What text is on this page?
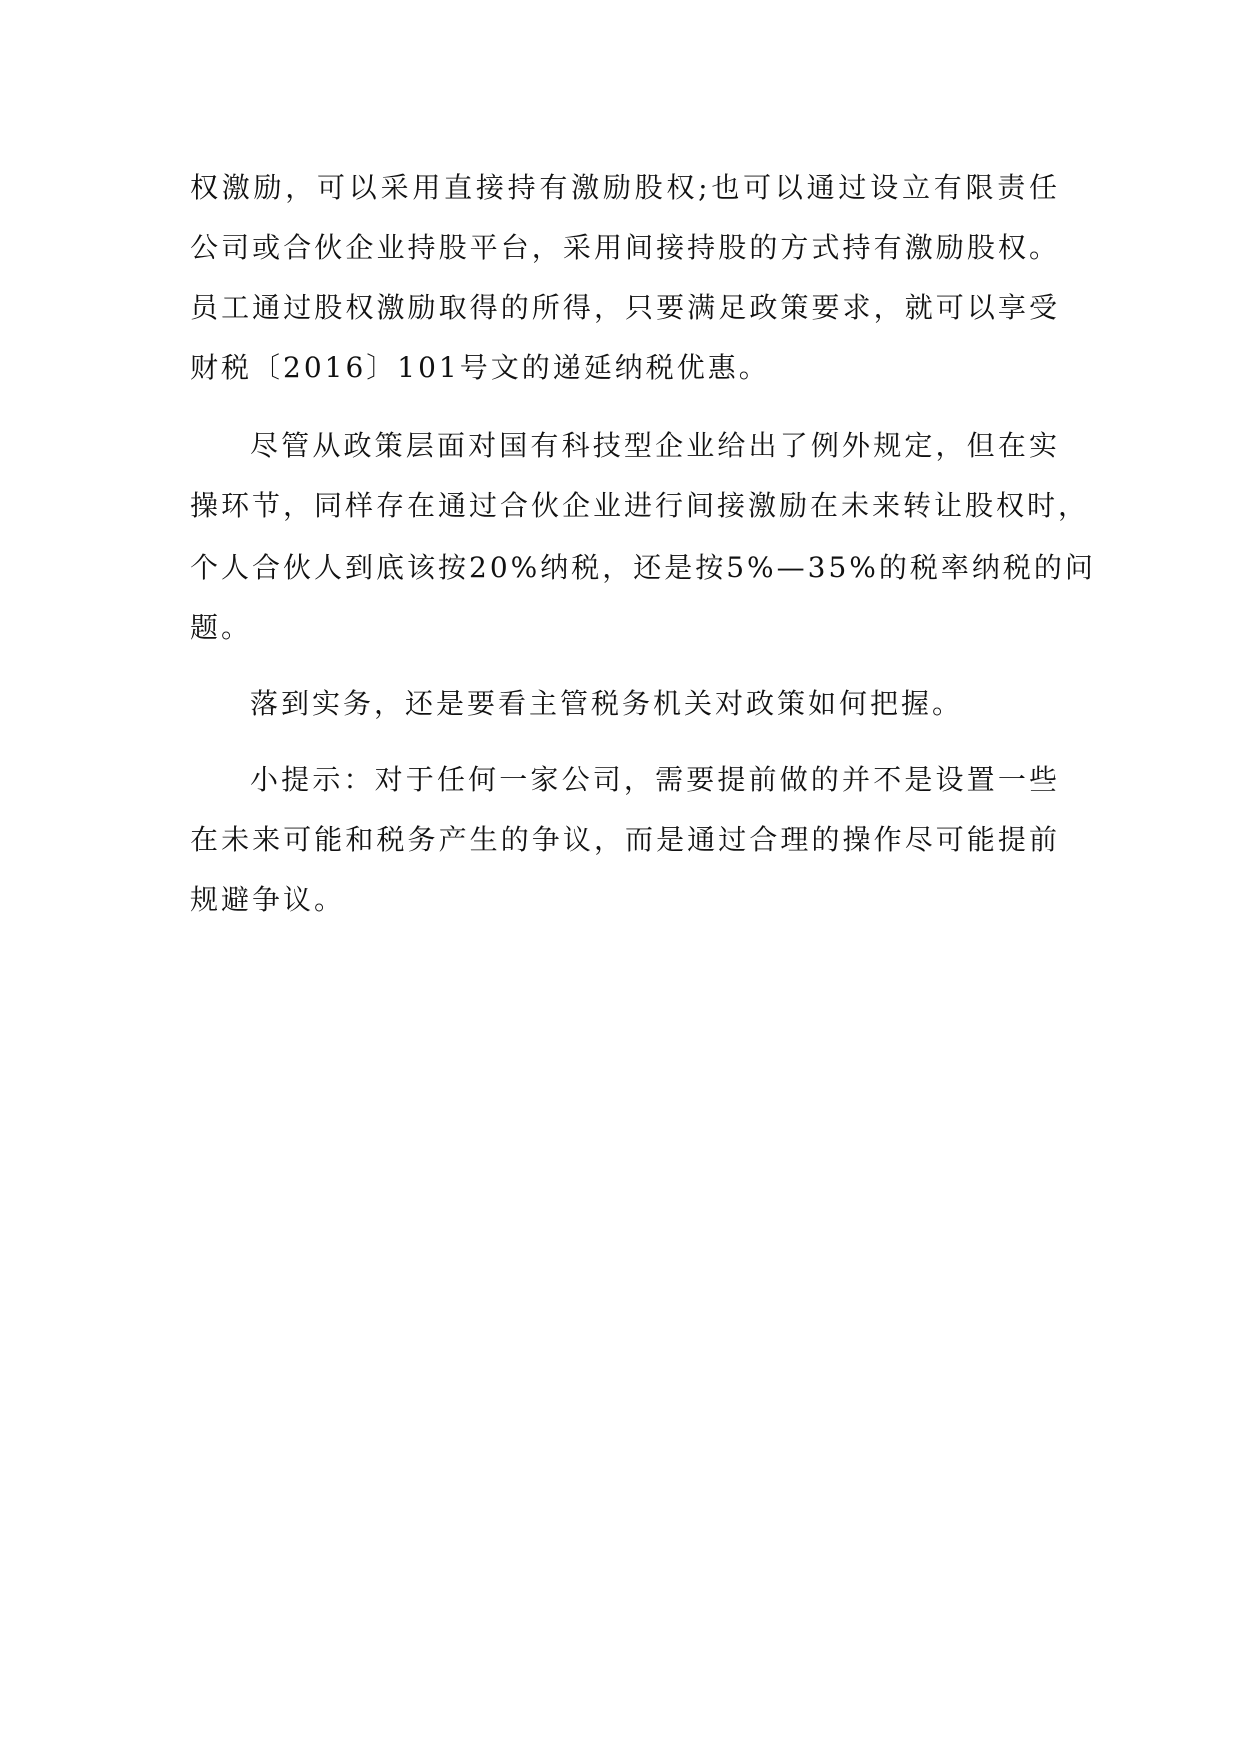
权激励，可以采用直接持有激励股权;也可以通过设立有限责任
公司或合伙企业持股平台，采用间接持股的方式持有激励股权。
员工通过股权激励取得的所得，只要满足政策要求，就可以享受
财税〔2016〕101号文的递延纳税优惠。
尽管从政策层面对国有科技型企业给出了例外规定，但在实
操环节，同样存在通过合伙企业进行间接激励在未来转让股权时，
个人合伙人到底该按20%纳税，还是按5%—35%的税率纳税的问
题。
落到实务，还是要看主管税务机关对政策如何把握。
小提示：对于任何一家公司，需要提前做的并不是设置一些
在未来可能和税务产生的争议，而是通过合理的操作尽可能提前
规避争议。
